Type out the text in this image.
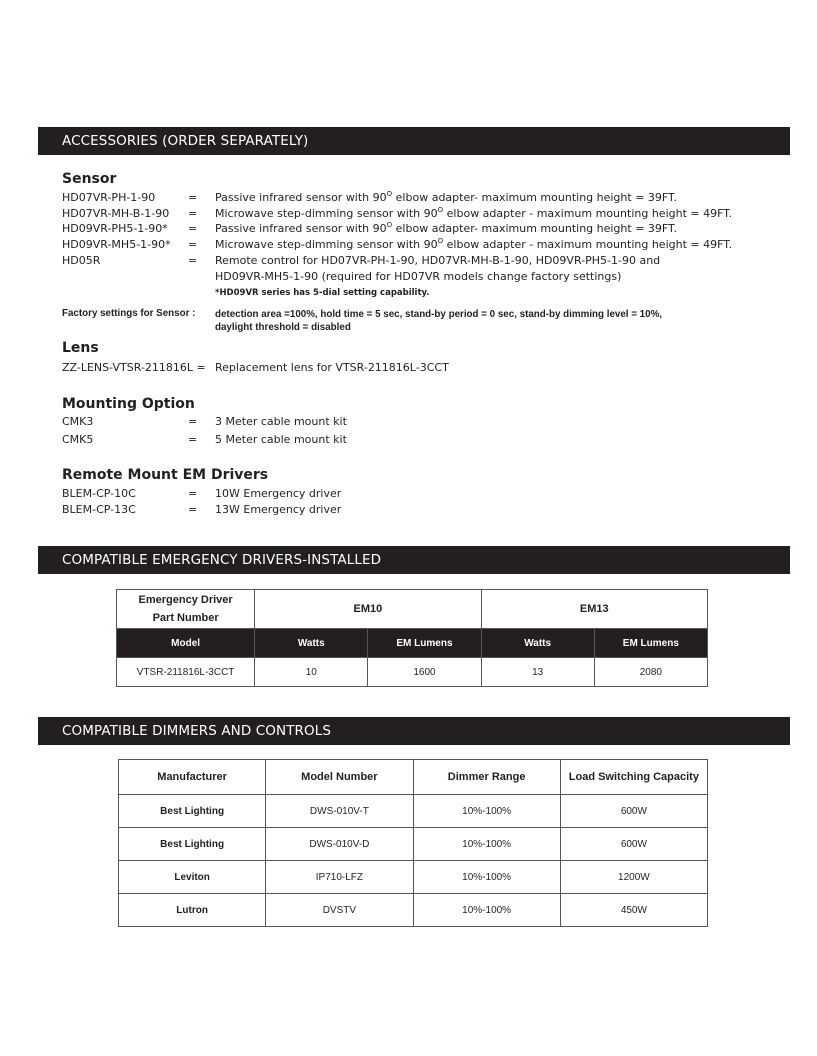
ACCESSORIES (ORDER SEPARATELY)
Sensor
HD07VR-PH-1-90	= Passive infrared sensor with $90^O$ elbow adapter- maximum mounting height = 39FT.
HD07VR-MH-B-1-90 = Microwave step-dimming sensor with $90^O$ elbow adapter - maximum mounting height = 49FT.
HD09VR-PH5-1-90* = Passive infrared sensor with $90^O$ elbow adapter- maximum mounting height = 39FT.
HD09VR-MH5-1-90* = Microwave step-dimming sensor with $90^O$ elbow adapter - maximum mounting height = 49FT.
HD05R	= Remote control for HD07VR-PH-1-90, HD07VR-MH-B-1-90, HD09VR-PH5-1-90 and
HD09VR-MH5-1-90 (required for HD07VR models change factory settings)
*HD09VR series has 5-dial setting capability.
Factory settings for Sensor : detection area =100%, hold time = 5 sec, stand-by period = 0 sec, stand-by dimming level = 10%,
daylight threshold = disabled
Lens
ZZ-LENS-VTSR-211816L = Replacement lens for VTSR-211816L-3CCT
Mounting Option
CMK3	= 3 Meter cable mount kit
CMK5	= 5 Meter cable mount kit
Remote Mount EM Drivers
BLEM-CP-10C	= 10W Emergency driver
BLEM-CP-13C	= 13W Emergency driver
COMPATIBLE EMERGENCY DRIVERS-INSTALLED
Emergency Driver
Part Number	EM10		EM13	
Model	Watts	EM Lumens	Watts	EM Lumens
VTSR-211816L-3CCT	10	1600	13	2080
COMPATIBLE DIMMERS AND CONTROLS
Manufacturer	Model Number	Dimmer Range	Load Switching Capacity
Best Lighting	DWS-010V-T	10%-100%	600W
Best Lighting	DWS-010V-D	10%-100%	600W
Leviton	IP710-LFZ	10%-100%	1200W
Lutron	DVSTV	10%-100%	450W
